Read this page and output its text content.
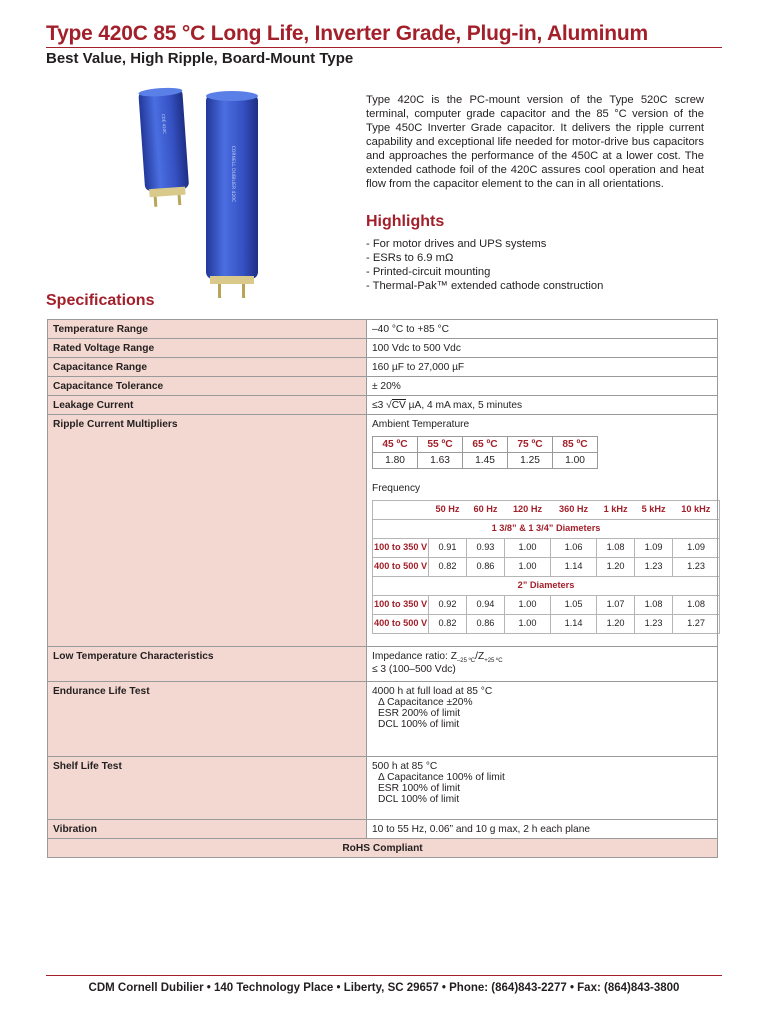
Type 420C 85 °C Long Life, Inverter Grade, Plug-in, Aluminum
Best Value, High Ripple, Board-Mount Type
CDE 420C
CORNELL DUBILIER 420C

Type 420C is the PC-mount version of the Type 520C screw terminal, computer grade capacitor and the 85 °C version of the Type 450C Inverter Grade capacitor. It delivers the ripple current capability and exceptional life needed for motor-drive bus capacitors and approaches the performance of the 450C at a lower cost. The extended cathode foil of the 420C assures cool operation and heat flow from the capacitor element to the can in all orientations.

Highlights
- For motor drives and UPS systems
- ESRs to 6.9 mΩ
- Printed-circuit mounting
- Thermal-Pak™ extended cathode construction
Specifications
Temperature Range	–40 °C to +85 °C
Rated Voltage Range	100 Vdc to 500 Vdc
Capacitance Range	160 µF to 27,000 µF
Capacitance Tolerance	± 20%
Leakage Current	≤3 √CV µA, 4 mA max, 5 minutes
Ripple Current Multipliers	Ambient Temperature
45 ºC	55 ºC	65 ºC	75 ºC	85 ºC
1.80	1.63	1.45	1.25	1.00
Frequency
	50 Hz	60 Hz	120 Hz	360 Hz	1 kHz	5 kHz	10 kHz
1 3/8” & 1 3/4” Diameters
100 to 350 V	0.91	0.93	1.00	1.06	1.08	1.09	1.09
400 to 500 V	0.82	0.86	1.00	1.14	1.20	1.23	1.23
2” Diameters
100 to 350 V	0.92	0.94	1.00	1.05	1.07	1.08	1.08
400 to 500 V	0.82	0.86	1.00	1.14	1.20	1.23	1.27

Low Temperature Characteristics	Impedance ratio: $Z_{-25 ºC}/Z_{+25 ºC}$
≤ 3 (100–500 Vdc)

Endurance Life Test	4000 h at full load at 85 °C
Δ Capacitance ±20%
ESR 200% of limit
DCL 100% of limit

Shelf Life Test	500 h at 85 °C
Δ Capacitance 100% of limit
ESR 100% of limit
DCL 100% of limit

Vibration	10 to 55 Hz, 0.06” and 10 g max, 2 h each plane
RoHS Compliant
CDM Cornell Dubilier • 140 Technology Place • Liberty, SC 29657 • Phone: (864)843-2277 • Fax: (864)843-3800
